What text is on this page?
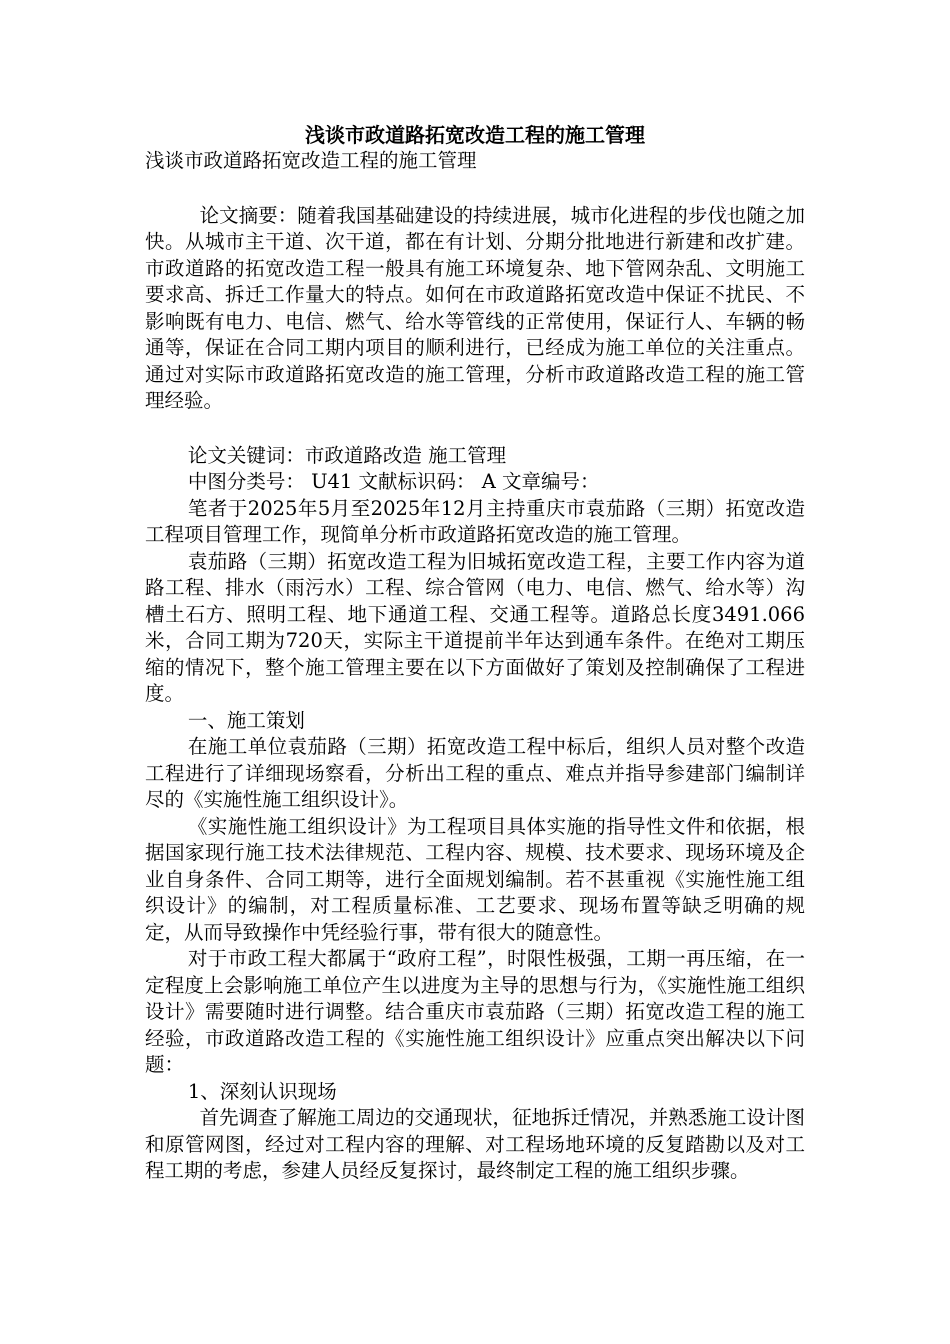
浅谈市政道路拓宽改造工程的施工管理

浅谈市政道路拓宽改造工程的施工管理

论文摘要：随着我国基础建设的持续进展，城市化进程的步伐也随之加快。从城市主干道、次干道，都在有计划、分期分批地进行新建和改扩建。市政道路的拓宽改造工程一般具有施工环境复杂、地下管网杂乱、文明施工要求高、拆迁工作量大的特点。如何在市政道路拓宽改造中保证不扰民、不影响既有电力、电信、燃气、给水等管线的正常使用，保证行人、车辆的畅通等，保证在合同工期内项目的顺利进行，已经成为施工单位的关注重点。通过对实际市政道路拓宽改造的施工管理，分析市政道路改造工程的施工管理经验。

论文关键词：市政道路改造 施工管理

中图分类号： U41 文献标识码： A 文章编号：

笔者于2025年5月至2025年12月主持重庆市袁茄路（三期）拓宽改造工程项目管理工作，现简单分析市政道路拓宽改造的施工管理。

袁茄路（三期）拓宽改造工程为旧城拓宽改造工程，主要工作内容为道路工程、排水（雨污水）工程、综合管网（电力、电信、燃气、给水等）沟槽土石方、照明工程、地下通道工程、交通工程等。道路总长度3491.066米，合同工期为720天，实际主干道提前半年达到通车条件。在绝对工期压缩的情况下，整个施工管理主要在以下方面做好了策划及控制确保了工程进度。

一、施工策划

在施工单位袁茄路（三期）拓宽改造工程中标后，组织人员对整个改造工程进行了详细现场察看，分析出工程的重点、难点并指导参建部门编制详尽的《实施性施工组织设计》。

《实施性施工组织设计》为工程项目具体实施的指导性文件和依据，根据国家现行施工技术法律规范、工程内容、规模、技术要求、现场环境及企业自身条件、合同工期等，进行全面规划编制。若不甚重视《实施性施工组织设计》的编制，对工程质量标准、工艺要求、现场布置等缺乏明确的规定，从而导致操作中凭经验行事，带有很大的随意性。

对于市政工程大都属于“政府工程”，时限性极强，工期一再压缩，在一定程度上会影响施工单位产生以进度为主导的思想与行为，《实施性施工组织设计》需要随时进行调整。结合重庆市袁茄路（三期）拓宽改造工程的施工经验，市政道路改造工程的《实施性施工组织设计》应重点突出解决以下问题：

1、深刻认识现场

首先调查了解施工周边的交通现状，征地拆迁情况，并熟悉施工设计图和原管网图，经过对工程内容的理解、对工程场地环境的反复踏勘以及对工程工期的考虑，参建人员经反复探讨，最终制定工程的施工组织步骤。
